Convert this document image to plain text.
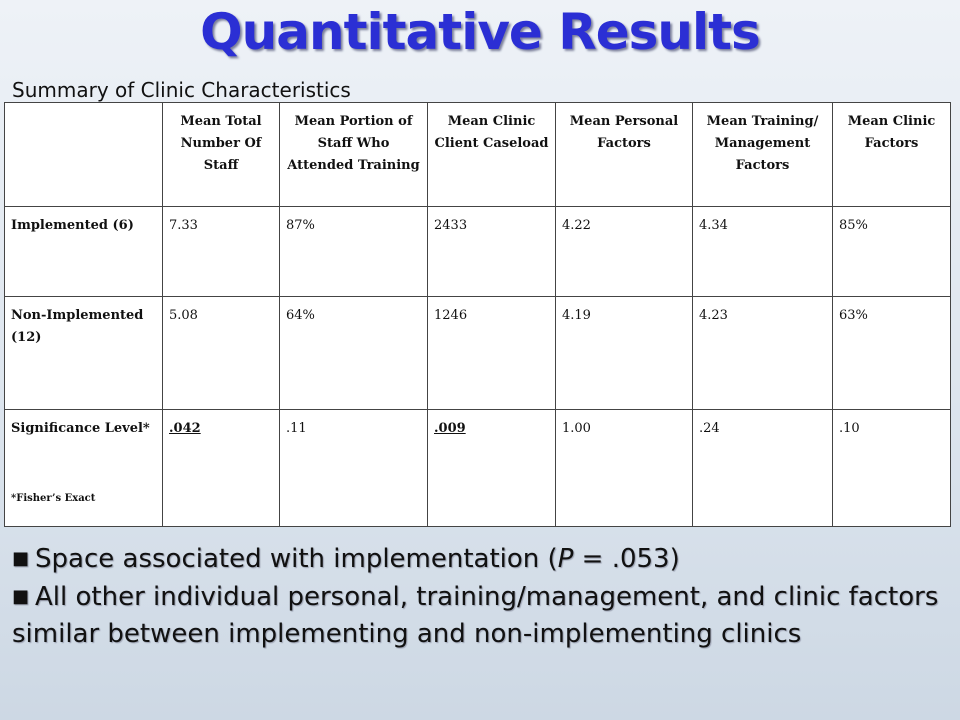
Quantitative Results
Summary of Clinic Characteristics
	Mean Total Number Of Staff	Mean Portion of Staff Who Attended Training	Mean Clinic Client Caseload	Mean Personal Factors	Mean Training/ Management Factors	Mean Clinic Factors
Implemented (6)	7.33	87%	2433	4.22	4.34	85%
Non-Implemented (12)	5.08	64%	1246	4.19	4.23	63%
Significance Level*
*Fisher’s Exact	.042	.11	.009	1.00	.24	.10

■ Space associated with implementation (P = .053)

■ All other individual personal, training/management, and clinic factors similar between implementing and non-implementing clinics
